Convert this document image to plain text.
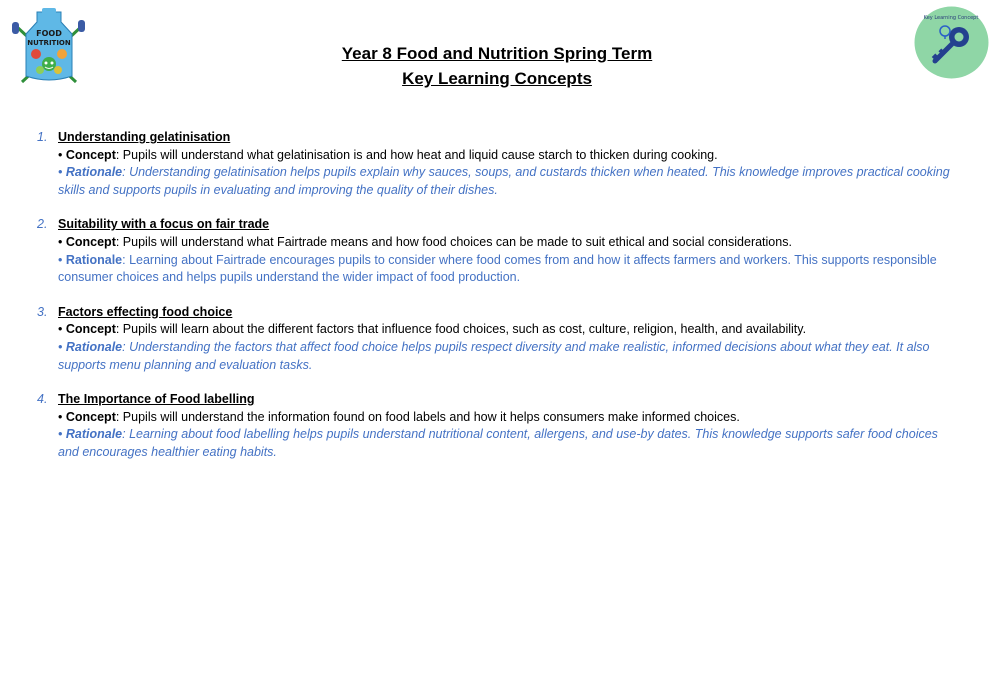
FOOD
NUTRITION
Key Learning Concept
Year 8 Food and Nutrition Spring Term
Key Learning Concepts
1. Understanding gelatinisation
• Concept: Pupils will understand what gelatinisation is and how heat and liquid cause starch to thicken during cooking.
• Rationale: Understanding gelatinisation helps pupils explain why sauces, soups, and custards thicken when heated. This knowledge improves practical cooking skills and supports pupils in evaluating and improving the quality of their dishes.
2. Suitability with a focus on fair trade
• Concept: Pupils will understand what Fairtrade means and how food choices can be made to suit ethical and social considerations.
• Rationale: Learning about Fairtrade encourages pupils to consider where food comes from and how it affects farmers and workers. This supports responsible consumer choices and helps pupils understand the wider impact of food production.
3. Factors effecting food choice
• Concept: Pupils will learn about the different factors that influence food choices, such as cost, culture, religion, health, and availability.
• Rationale: Understanding the factors that affect food choice helps pupils respect diversity and make realistic, informed decisions about what they eat. It also supports menu planning and evaluation tasks.
4. The Importance of Food labelling
• Concept: Pupils will understand the information found on food labels and how it helps consumers make informed choices.
• Rationale: Learning about food labelling helps pupils understand nutritional content, allergens, and use-by dates. This knowledge supports safer food choices and encourages healthier eating habits.
